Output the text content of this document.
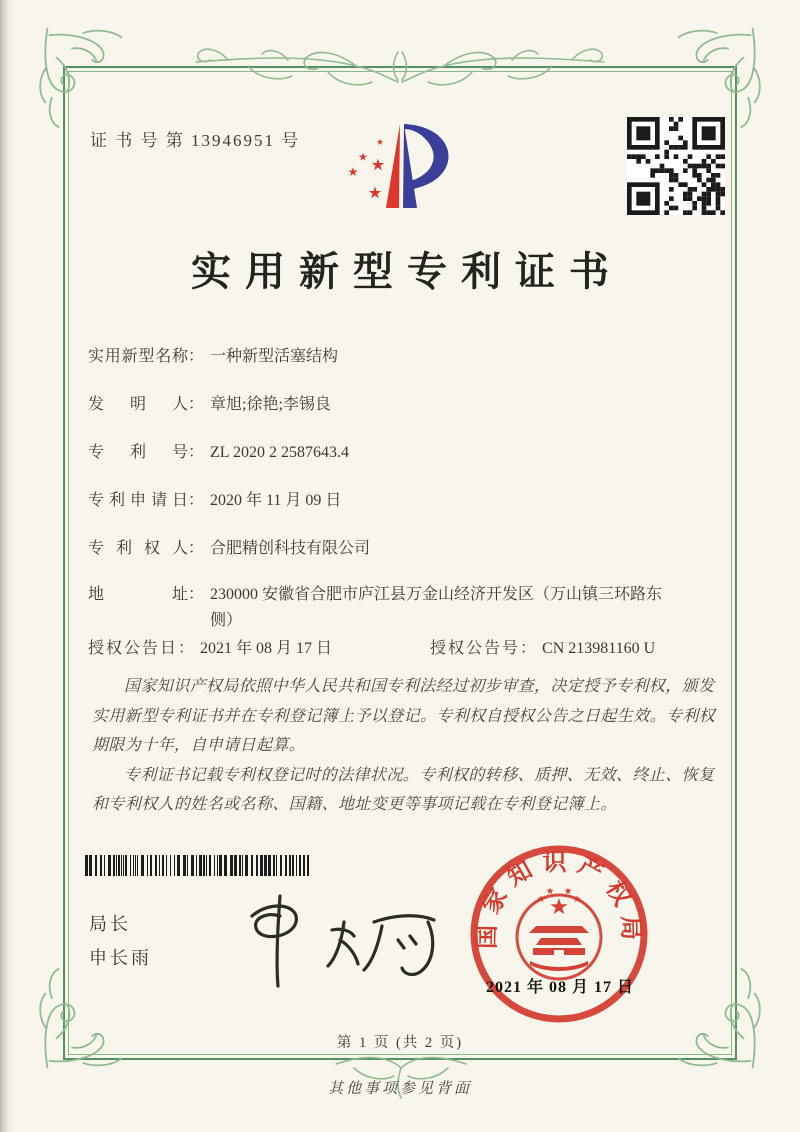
证 书 号 第 13946951 号
实用新型专利证书
实用新型名称 ： 一种新型活塞结构
发明人 ： 章旭;徐艳;李锡良
专利号 ： ZL 2020 2 2587643.4
专利申请日 ： 2020 年 11 月 09 日
专利权人 ： 合肥精创科技有限公司
地址 ： 230000 安徽省合肥市庐江县万金山经济开发区（万山镇三环路东侧）
授权公告日 ： 2021 年 08 月 17 日	授权公告号 ： CN 213981160 U

国家知识产权局依照中华人民共和国专利法经过初步审查，决定授予专利权，颁发实用新型专利证书并在专利登记簿上予以登记。专利权自授权公告之日起生效。专利权期限为十年，自申请日起算。

专利证书记载专利权登记时的法律状况。专利权的转移、质押、无效、终止、恢复和专利权人的姓名或名称、国籍、地址变更等事项记载在专利登记簿上。

局长
申长雨
国家知识产权局
2021 年 08 月 17 日
第 1 页 (共 2 页)
其他事项参见背面
